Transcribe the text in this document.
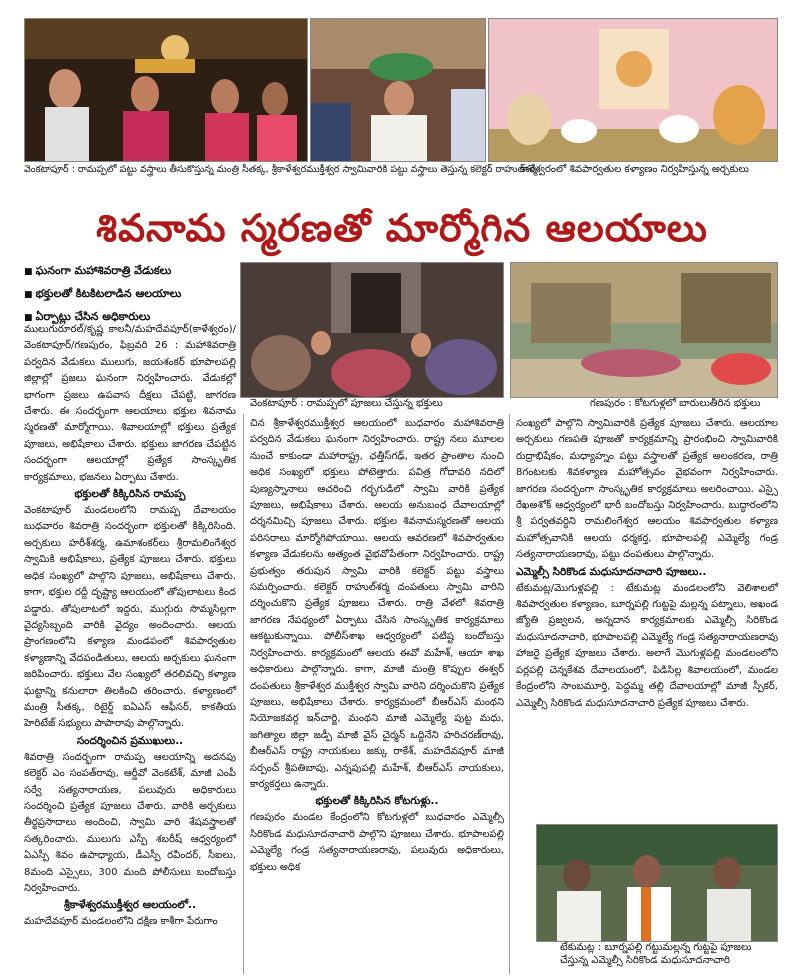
వెంకటాపూర్‌ : రామప్పలో పట్టు వస్త్రాలు తీసుకొస్తున్న మంత్రి సీతక్క, శ్రీకాళేశ్వరముక్తీశ్వర స్వామివారికి పట్టు వస్త్రాలు తెస్తున్న కలెక్టర్‌ రాహుల్‌శర్మ
కాళేశ్వరంలో శివపార్వతుల కళ్యాణం నిర్వహిస్తున్న అర్చకులు
శివనామ స్మరణతో మార్మోగిన ఆలయాలు
■ ఘనంగా మహాశివరాత్రి వేడుకలు
■ భక్తులతో కిటకిటలాడిన ఆలయాలు
■ ఏర్పాట్లు చేసిన అధికారులు
వెంకటాపూర్‌ : రామప్పలో పూజలు చేస్తున్న భక్తులు	గణపురం : కోటగుళ్లలో బారులుతీరిన భక్తులు

ములుగురూరల్‌/కృష్ణ కాలనీ/మహదేవపూర్‌(కాళేశ్వరం)/వెంకటాపూర్‌/గణపురం, ఫిబ్రవరి 26 : మహాశివరాత్రి పర్వదిన వేడుకలు ములుగు, జయశంకర్‌ భూపాలపల్లి జిల్లాల్లో ప్రజలు ఘనంగా నిర్వహించారు. వేడుకల్లో భాగంగా ప్రజలు ఉపవాస దీక్షలు చేపట్టి, జాగరణ చేశారు. ఈ సందర్భంగా ఆలయాలు భక్తుల శివనామ స్మరణతో మార్మోగాయి. శివాలయాల్లో భక్తులు ప్రత్యేక పూజలు, అభిషేకాలు చేశారు. భక్తులు జాగరణ చేపట్టిన సందర్భంగా ఆలయాల్లో ప్రత్యేక సాంస్కృతిక కార్యక్రమాలు, భజనలు ఏర్పాటు చేశారు.

భక్తులతో కిక్కిరిసిన రామప్ప

వెంకటాపూర్‌ మండలంలోని రామప్ప దేవాలయం బుధవారం శివరాత్రి సందర్భంగా భక్తులతో కిక్కిరిసింది. అర్చకులు హరీశ్‌శర్మ, ఉమాశంకర్‌లు శ్రీరామలింగేశ్వర స్వామికి అభిషేకాలు, ప్రత్యేక పూజలు చేశారు. భక్తులు అధిక సంఖ్యలో పాల్గొని పూజలు, అభిషేకాలు చేశారు. కాగా, భక్తుల రద్దీ దృష్ట్యా ఆలయంలో తోపులాటలు కింద పడ్డారు. తోపులాటలో ఇద్దరు, ముగ్గురు సొమ్మసిల్లగా వైద్యసిబ్బంది వారికి వైద్యం అందించారు. ఆలయ ప్రాంగణంలోని కళ్యాణ మండపంలో శివపార్వతుల కళ్యాణాన్ని వేదపండితులు, ఆలయ అర్చకులు ఘనంగా జరిపించారు. భక్తులు వేల సంఖ్యలో తరలివచ్చి కళ్యాణ ఘట్టాన్ని కనులారా తిలకించి తరించారు. కళ్యాణంలో మంత్రి సీతక్క, రిటైర్డ్‌ ఐఏఎస్‌ ఆఫీసర్‌, కాకతీయ హెరిటేజ్‌ సభ్యులు పాపారావు పాల్గొన్నారు.

సందర్శించిన ప్రముఖులు..

శివరాత్రి సందర్భంగా రామప్ప ఆలయాన్ని అదనపు కలెక్టర్‌ ఎం సంపత్‌రావు, ఆర్డీవో వెంకటేశ్‌, మాజీ ఎంపీ సర్వే సత్యనారాయణ, పలువురు అధికారులు సందర్శించి ప్రత్యేక పూజలు చేశారు. వారికి అర్చకులు తీర్థప్రసాదాలు అందించి, స్వామి వారి శేషవస్త్రాలతో సత్కరించారు. ములుగు ఎస్పీ శబరీష్‌ ఆధ్వర్యంలో ఏఎస్పీ శివం ఉపాధ్యాయ, డీఎస్పీ రవీందర్‌, సీఐలు, 8మంది ఎస్సైలు, 300 మంది పోలీసులు బందోబస్తు నిర్వహించారు.

శ్రీకాళేశ్వరముక్తీశ్వర ఆలయంలో..

మహదేవపూర్‌ మండలంలోని దక్షిణ కాశీగా పేరుగాం

చిన శ్రీకాళేశ్వరముక్తీశ్వర ఆలయంలో బుధవారం మహాశివరాత్రి పర్వదిన వేడుకలు ఘనంగా నిర్వహించారు. రాష్ట్ర నలు మూలల నుంచే కాకుండా మహారాష్ట్ర, ఛత్తీస్‌గఢ్‌, ఇతర ప్రాంతాల నుంచి అధిక సంఖ్యలో భక్తులు పోటెత్తారు. పవిత్ర గోదావరి నదిలో పుణ్యస్నానాలు ఆచరించి గర్భగుడిలో స్వామి వారికి ప్రత్యేక పూజలు, అభిషేకాలు చేశారు. ఆలయ అనుబంధ దేవాలయాల్లో దర్శనమిచ్చి పూజలు చేశారు. భక్తుల శివనామస్మరణతో ఆలయ పరిసరాలు మార్మోగిపోయాయి. ఆలయ ఆవరణలో శివపార్వతుల కళ్యాణ వేడుకలను అత్యంత వైభవోపేతంగా నిర్వహించారు. రాష్ట్ర ప్రభుత్వం తరుపున స్వామి వారికి కలెక్టర్‌ పట్టు వస్త్రాలు సమర్పించారు. కలెక్టర్‌ రాహుల్‌శర్మ దంపతులు స్వామి వారిని దర్శించుకొని ప్రత్యేక పూజలు చేశారు. రాత్రి వేళలో శివరాత్రి జాగరణ నేపథ్యంలో ఏర్పాటు చేసిన సాంస్కృతిక కార్యక్రమాలు ఆకట్టుకున్నాయి. పోలీస్‌శాఖ ఆధ్వర్యంలో పటిష్ట బందోబస్తు నిర్వహించారు. కార్యక్రమంలో ఆలయ ఈవో మహేశ్‌, ఆయా శాఖ అధికారులు పాల్గొన్నారు. కాగా, మాజీ మంత్రి కొప్పుల ఈశ్వర్‌ దంపతులు శ్రీకాళేశ్వర ముక్తీశ్వర స్వామి వారిని దర్శించుకొని ప్రత్యేక పూజలు, అభిషేకాలు చేశారు. కార్యక్రమంలో బీఆర్‌ఎస్‌ మంథని నియోజకవర్గ ఇన్‌చార్జి, మంథని మాజీ ఎమ్మెల్యే పుట్ట మధు, జగిత్యాల జిల్లా జడ్పీ మాజీ వైస్‌ చైర్మన్‌ ఒద్దినేని హరిచరణ్‌రావు, బీఆర్‌ఎస్‌ రాష్ట్ర నాయకులు జక్కు రాకేశ్‌, మహదేవపూర్‌ మాజీ సర్పంచ్‌ శ్రీపతిబాపు, ఎన్నపుపల్లి మహేశ్‌, బీఆర్‌ఎస్‌ నాయకులు, కార్యకర్తలు ఉన్నారు.

భక్తులతో కిక్కిరిసిన కోటగుళ్లు..

గణపురం మండల కేంద్రంలోని కోటగుళ్లలో బుధవారం ఎమ్మెల్సీ సిరికొండ మధుసూదనాచారి పాల్గొని పూజలు చేశారు. భూపాలపల్లి ఎమ్మెల్యే గండ్ర సత్యనారాయణరావు, పలువురు అధికారులు, భక్తులు అధిక

సంఖ్యలో పాల్గొని స్వామివారికి ప్రత్యేక పూజలు చేశారు. ఆలయాల అర్చకులు గణపతి పూజతో కార్యక్రమాన్ని ప్రారంభించి స్వామివారికి రుద్రాభిషేకం, మధ్యాహ్నం పట్టు వస్త్రాలతో ప్రత్యేక అలంకరణ, రాత్రి 8గంటలకు శివకళ్యాణ మహోత్సవం వైభవంగా నిర్వహించారు. జాగరణ సందర్భంగా సాంస్కృతిక కార్యక్రమాలు అలరించాయి. ఎస్సై రేఖఅశోక్‌ ఆధ్వర్యంలో భారీ బందోబస్తు నిర్వహించారు. బుద్ధారంలోని శ్రీ పర్వతవర్ధిని రామలింగేశ్వర ఆలయం శివపార్వతుల కళ్యాణ మహోత్సవానికి ఆలయ ధర్మకర్త, భూపాలపల్లి ఎమ్మెల్యే గండ్ర సత్యనారాయణరావు, పట్టు దంపతులు పాల్గొన్నారు.

ఎమ్మెల్సీ సిరికొండ మధుసూదనాచారి పూజలు..

టేకుమట్ల/మొగుళ్లపల్లి : టేకుమట్ల మండలంలోని వెలిశాలలో శివపార్వతుల కళ్యాణం, బూర్నపల్లి గుట్టపై మల్లన్న పట్నాలు, అఖండ జ్యోతి ప్రజ్వలన, అన్నదాన కార్యక్రమాలకు ఎమ్మెల్సీ సిరికొండ మధుసూదనాచారి, భూపాలపల్లి ఎమ్మెల్యే గండ్ర సత్యనారాయణరావు హాజరై ప్రత్యేక పూజలు చేశారు. అలాగే మొగుళ్లపల్లి మండలంలోని పర్లపల్లి చెన్నకేశవ దేవాలయంలో, పిడిసిల్ల శివాలయంలో, మండల కేంద్రంలోని సాంబమూర్తి, పెద్దమ్మ తల్లి దేవాలయాల్లో మాజీ స్పీకర్‌, ఎమ్మెల్సీ సిరికొండ మధుసూదనాచారి ప్రత్యేక పూజలు చేశారు.

టేకుమట్ల : బూర్నపల్లి గట్టుమల్లన్న గుట్టపై పూజలు
చేస్తున్న ఎమ్మెల్సీ సిరికొండ మధుసూదనాచారి
